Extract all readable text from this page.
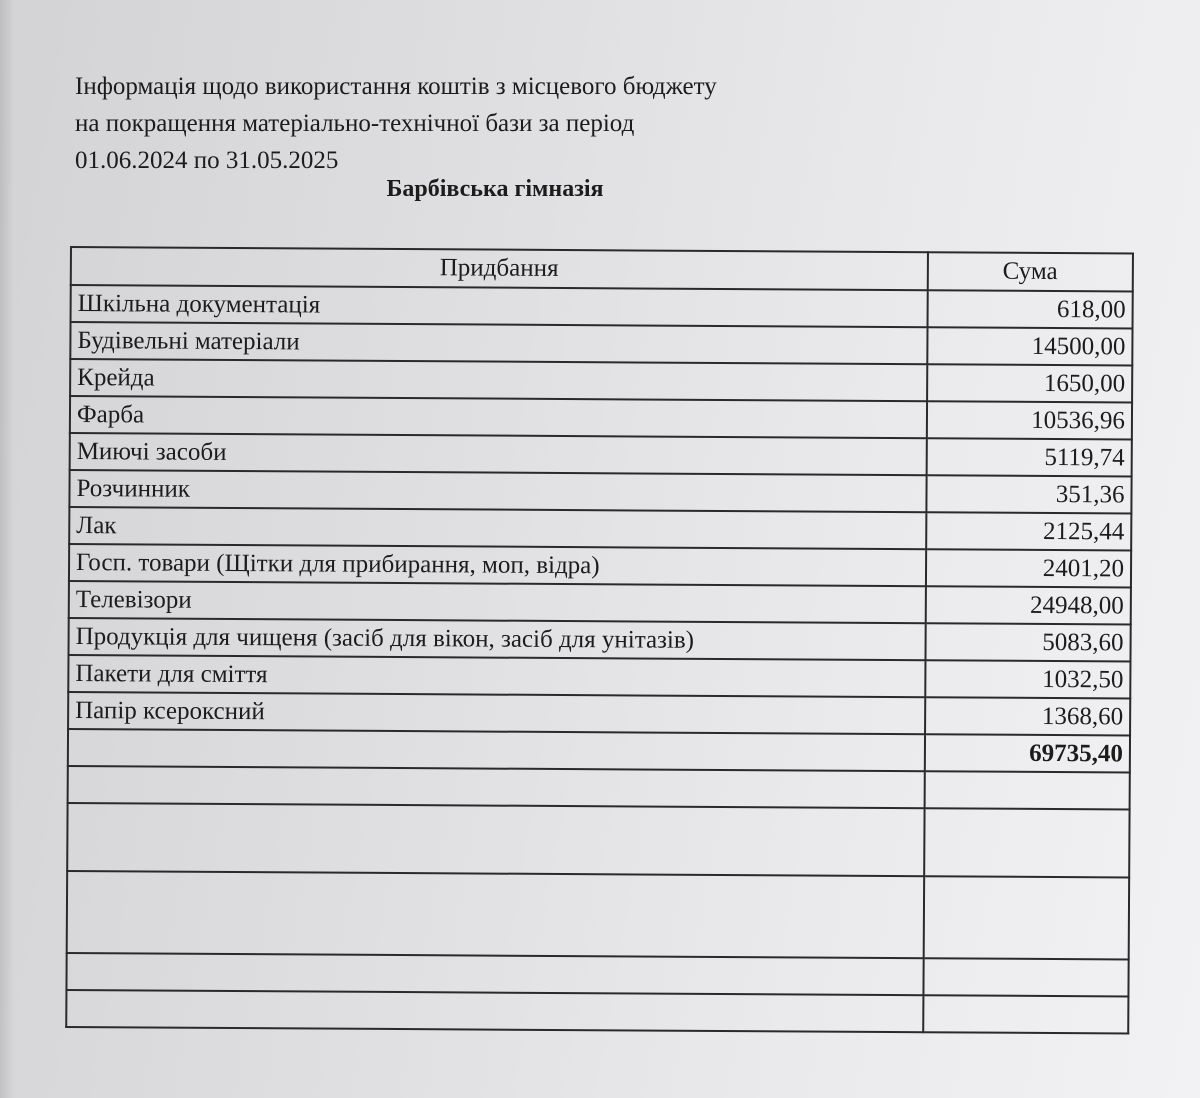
Інформація щодо використання коштів з місцевого бюджету
на покращення матеріально-технічної бази за період
01.06.2024 по 31.05.2025
Барбівська гімназія
Придбання	Сума
Шкільна документація	618,00
Будівельні матеріали	14500,00
Крейда	1650,00
Фарба	10536,96
Миючі засоби	5119,74
Розчинник	351,36
Лак	2125,44
Госп. товари (Щітки для прибирання, моп, відра)	2401,20
Телевізори	24948,00
Продукція для чищеня (засіб для вікон, засіб для унітазів)	5083,60
Пакети для сміття	1032,50
Папір ксероксний	1368,60
	69735,40
